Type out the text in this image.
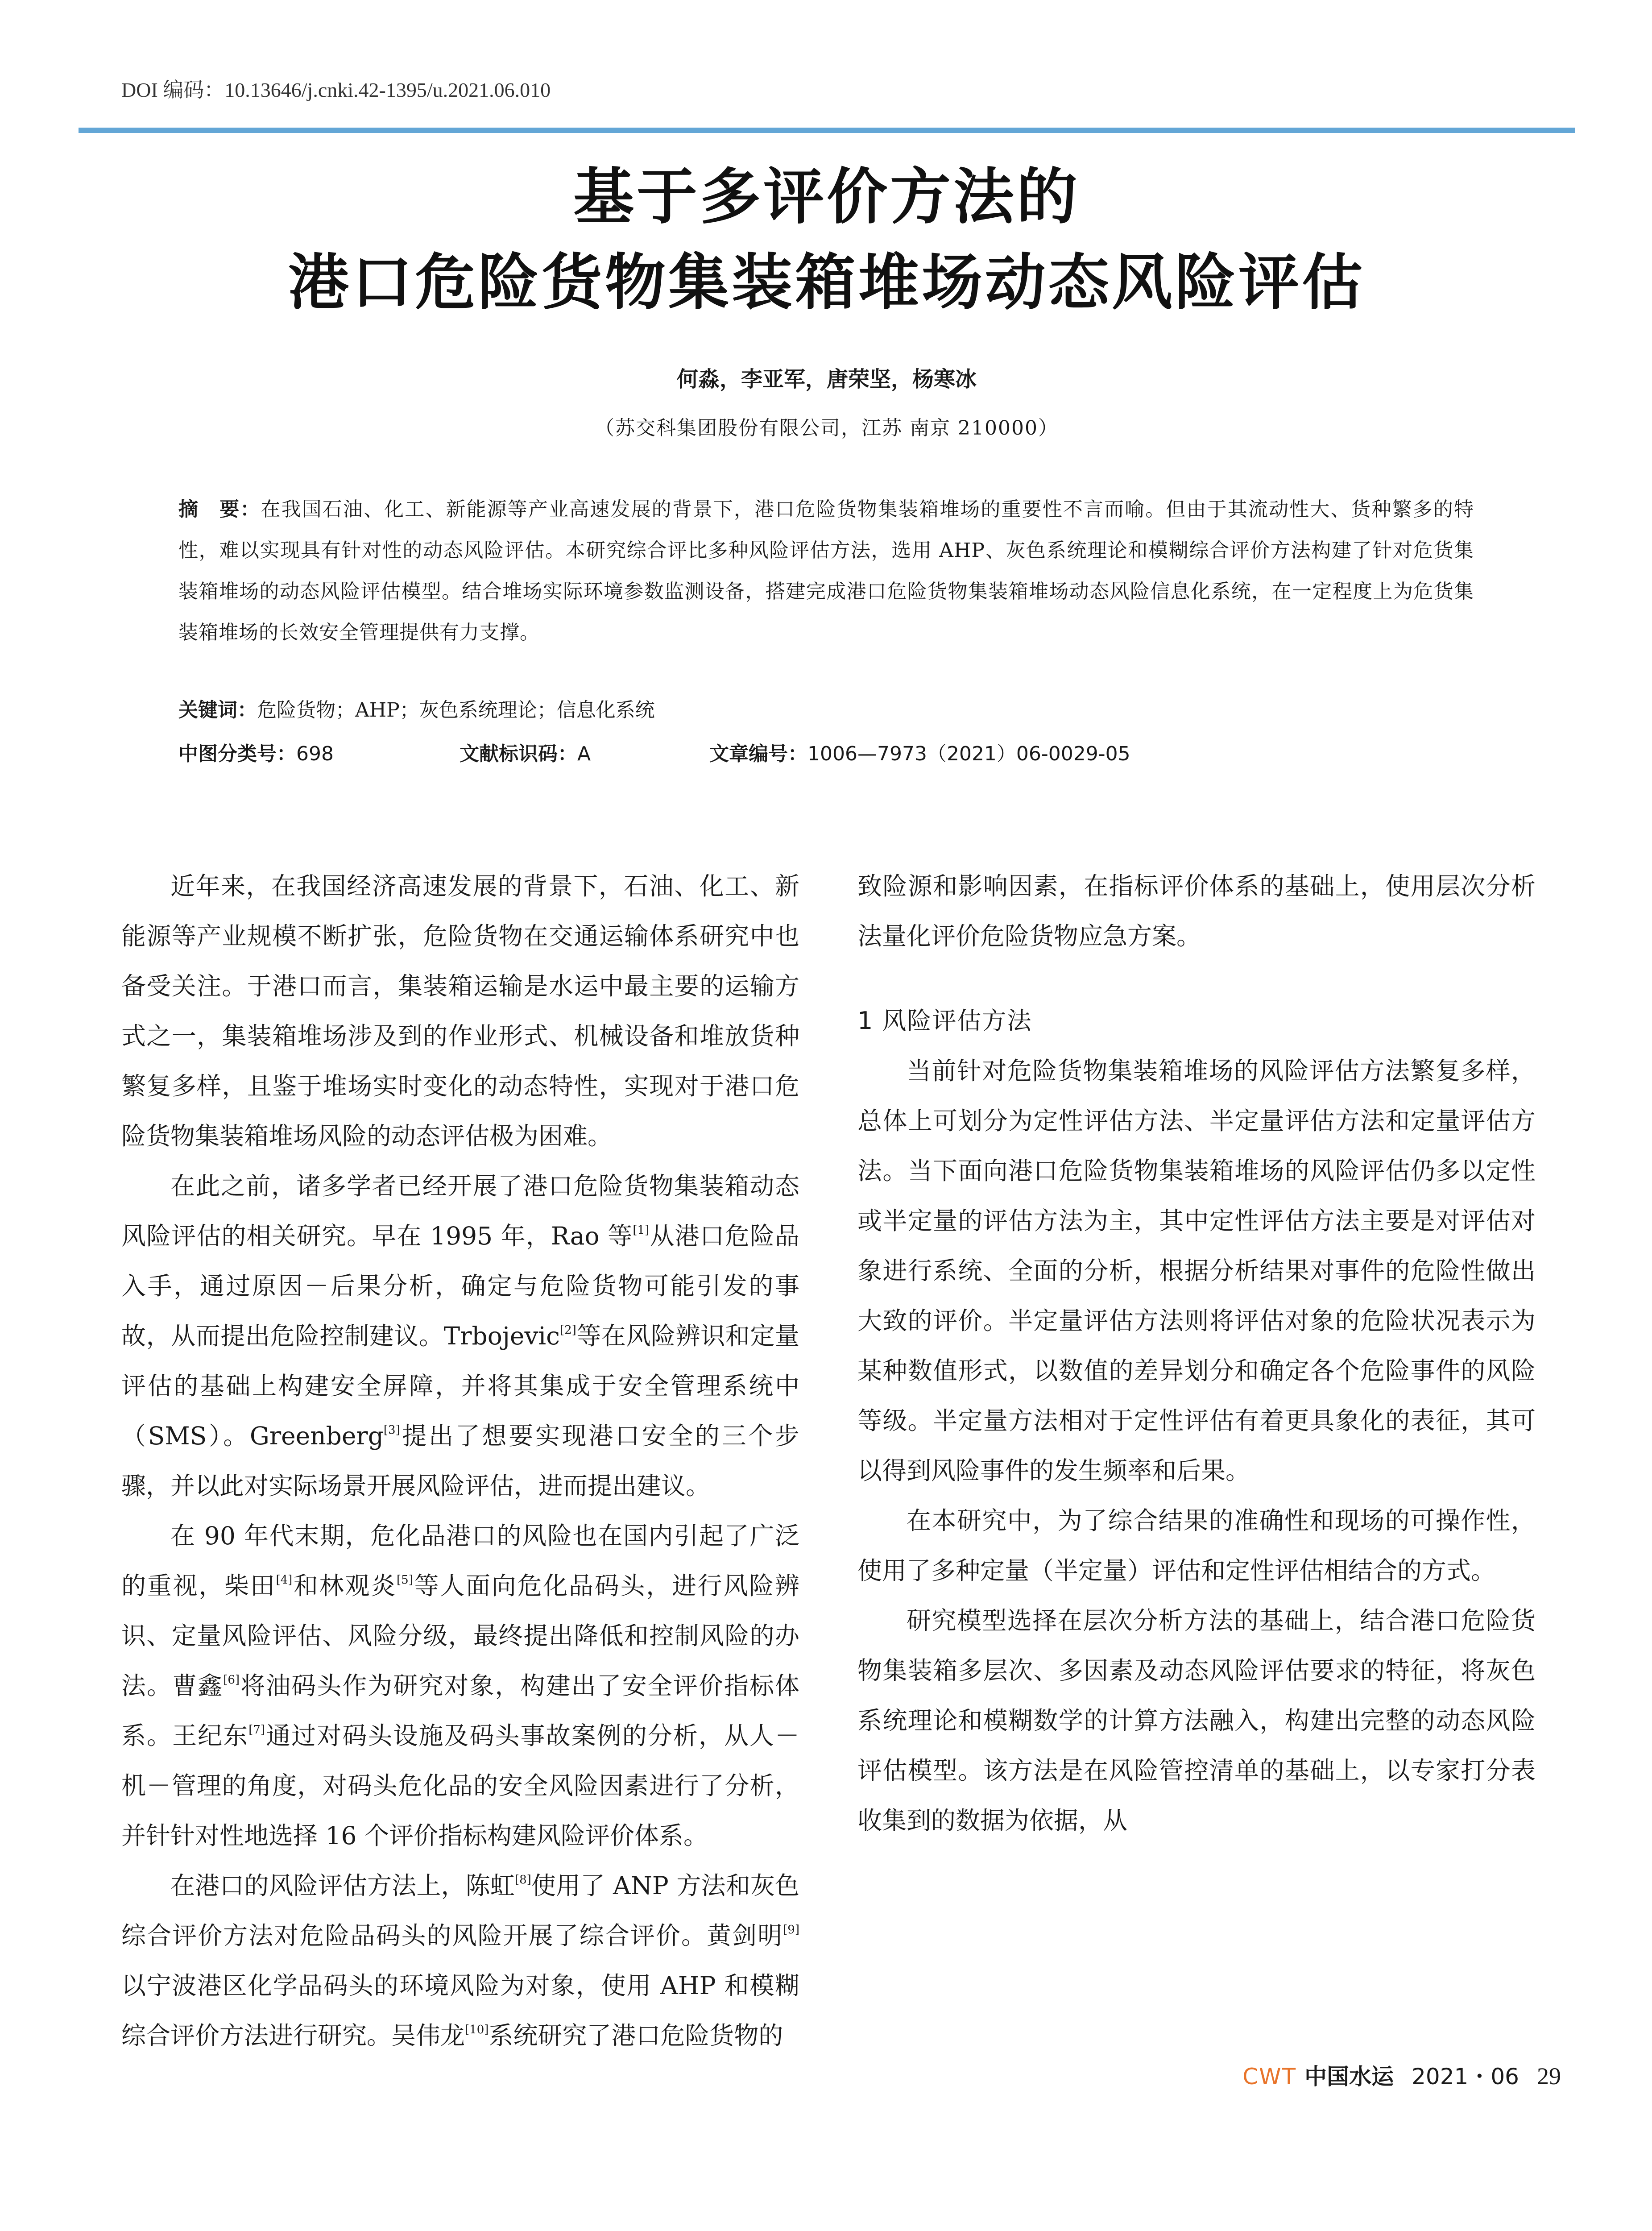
DOI 编码：10.13646/j.cnki.42-1395/u.2021.06.010
基于多评价方法的
港口危险货物集装箱堆场动态风险评估
何淼，李亚军，唐荣坚，杨寒冰
（苏交科集团股份有限公司，江苏 南京 210000）
摘　要：在我国石油、化工、新能源等产业高速发展的背景下，港口危险货物集装箱堆场的重要性不言而喻。但由于其流动性大、货种繁多的特性，难以实现具有针对性的动态风险评估。本研究综合评比多种风险评估方法，选用 AHP、灰色系统理论和模糊综合评价方法构建了针对危货集装箱堆场的动态风险评估模型。结合堆场实际环境参数监测设备，搭建完成港口危险货物集装箱堆场动态风险信息化系统，在一定程度上为危货集装箱堆场的长效安全管理提供有力支撑。
关键词：危险货物；AHP；灰色系统理论；信息化系统
中图分类号：698	文献标识码：A	文章编号：1006—7973（2021）06-0029-05

近年来，在我国经济高速发展的背景下，石油、化工、新能源等产业规模不断扩张，危险货物在交通运输体系研究中也备受关注。于港口而言，集装箱运输是水运中最主要的运输方式之一，集装箱堆场涉及到的作业形式、机械设备和堆放货种繁复多样，且鉴于堆场实时变化的动态特性，实现对于港口危险货物集装箱堆场风险的动态评估极为困难。

在此之前，诸多学者已经开展了港口危险货物集装箱动态风险评估的相关研究。早在 1995 年，Rao 等[1]从港口危险品入手，通过原因－后果分析，确定与危险货物可能引发的事故，从而提出危险控制建议。Trbojevic[2]等在风险辨识和定量评估的基础上构建安全屏障，并将其集成于安全管理系统中（SMS）。Greenberg[3]提出了想要实现港口安全的三个步骤，并以此对实际场景开展风险评估，进而提出建议。

在 90 年代末期，危化品港口的风险也在国内引起了广泛的重视，柴田[4]和林观炎[5]等人面向危化品码头，进行风险辨识、定量风险评估、风险分级，最终提出降低和控制风险的办法。曹鑫[6]将油码头作为研究对象，构建出了安全评价指标体系。王纪东[7]通过对码头设施及码头事故案例的分析，从人－机－管理的角度，对码头危化品的安全风险因素进行了分析，并针针对性地选择 16 个评价指标构建风险评价体系。

在港口的风险评估方法上，陈虹[8]使用了 ANP 方法和灰色综合评价方法对危险品码头的风险开展了综合评价。黄剑明[9]以宁波港区化学品码头的环境风险为对象，使用 AHP 和模糊综合评价方法进行研究。吴伟龙[10]系统研究了港口危险货物的

致险源和影响因素，在指标评价体系的基础上，使用层次分析法量化评价危险货物应急方案。

1 风险评估方法

当前针对危险货物集装箱堆场的风险评估方法繁复多样，总体上可划分为定性评估方法、半定量评估方法和定量评估方法。当下面向港口危险货物集装箱堆场的风险评估仍多以定性或半定量的评估方法为主，其中定性评估方法主要是对评估对象进行系统、全面的分析，根据分析结果对事件的危险性做出大致的评价。半定量评估方法则将评估对象的危险状况表示为某种数值形式，以数值的差异划分和确定各个危险事件的风险等级。半定量方法相对于定性评估有着更具象化的表征，其可以得到风险事件的发生频率和后果。

在本研究中，为了综合结果的准确性和现场的可操作性，使用了多种定量（半定量）评估和定性评估相结合的方式。

研究模型选择在层次分析方法的基础上，结合港口危险货物集装箱多层次、多因素及动态风险评估要求的特征，将灰色系统理论和模糊数学的计算方法融入，构建出完整的动态风险评估模型。该方法是在风险管控清单的基础上，以专家打分表收集到的数据为依据，从

CWT 中国水运 2021・06 29
